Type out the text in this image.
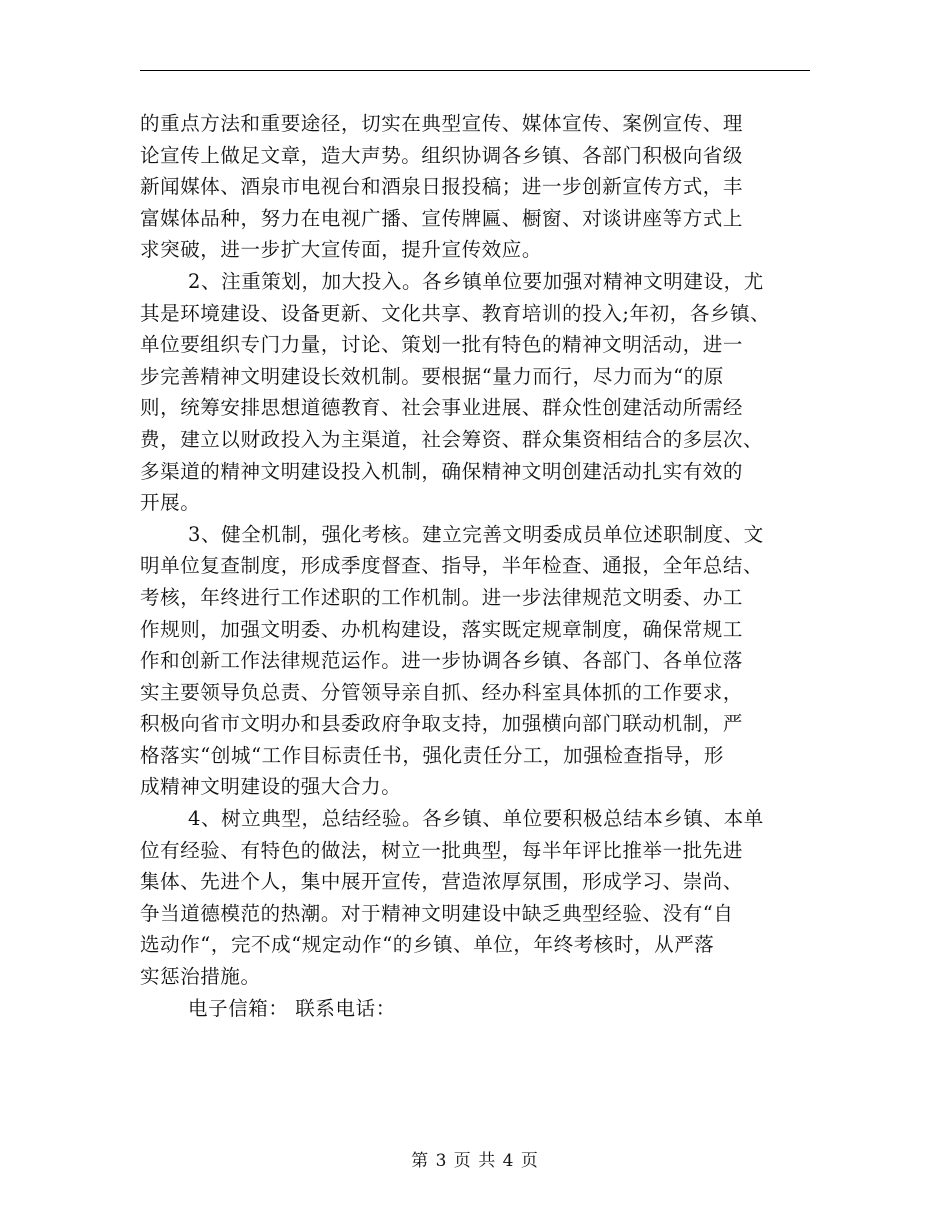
的重点方法和重要途径，切实在典型宣传、媒体宣传、案例宣传、理
论宣传上做足文章，造大声势。组织协调各乡镇、各部门积极向省级
新闻媒体、酒泉市电视台和酒泉日报投稿；进一步创新宣传方式，丰
富媒体品种，努力在电视广播、宣传牌匾、橱窗、对谈讲座等方式上
求突破，进一步扩大宣传面，提升宣传效应。
2、注重策划，加大投入。各乡镇单位要加强对精神文明建设，尤
其是环境建设、设备更新、文化共享、教育培训的投入;年初，各乡镇、
单位要组织专门力量，讨论、策划一批有特色的精神文明活动，进一
步完善精神文明建设长效机制。要根据“量力而行，尽力而为“的原
则，统筹安排思想道德教育、社会事业进展、群众性创建活动所需经
费，建立以财政投入为主渠道，社会筹资、群众集资相结合的多层次、
多渠道的精神文明建设投入机制，确保精神文明创建活动扎实有效的
开展。
3、健全机制，强化考核。建立完善文明委成员单位述职制度、文
明单位复查制度，形成季度督查、指导，半年检查、通报，全年总结、
考核，年终进行工作述职的工作机制。进一步法律规范文明委、办工
作规则，加强文明委、办机构建设，落实既定规章制度，确保常规工
作和创新工作法律规范运作。进一步协调各乡镇、各部门、各单位落
实主要领导负总责、分管领导亲自抓、经办科室具体抓的工作要求，
积极向省市文明办和县委政府争取支持，加强横向部门联动机制，严
格落实“创城“工作目标责任书，强化责任分工，加强检查指导，形
成精神文明建设的强大合力。
4、树立典型，总结经验。各乡镇、单位要积极总结本乡镇、本单
位有经验、有特色的做法，树立一批典型，每半年评比推举一批先进
集体、先进个人，集中展开宣传，营造浓厚氛围，形成学习、崇尚、
争当道德模范的热潮。对于精神文明建设中缺乏典型经验、没有“自
选动作“，完不成“规定动作“的乡镇、单位，年终考核时，从严落
实惩治措施。
电子信箱： 联系电话：
第 3 页 共 4 页
